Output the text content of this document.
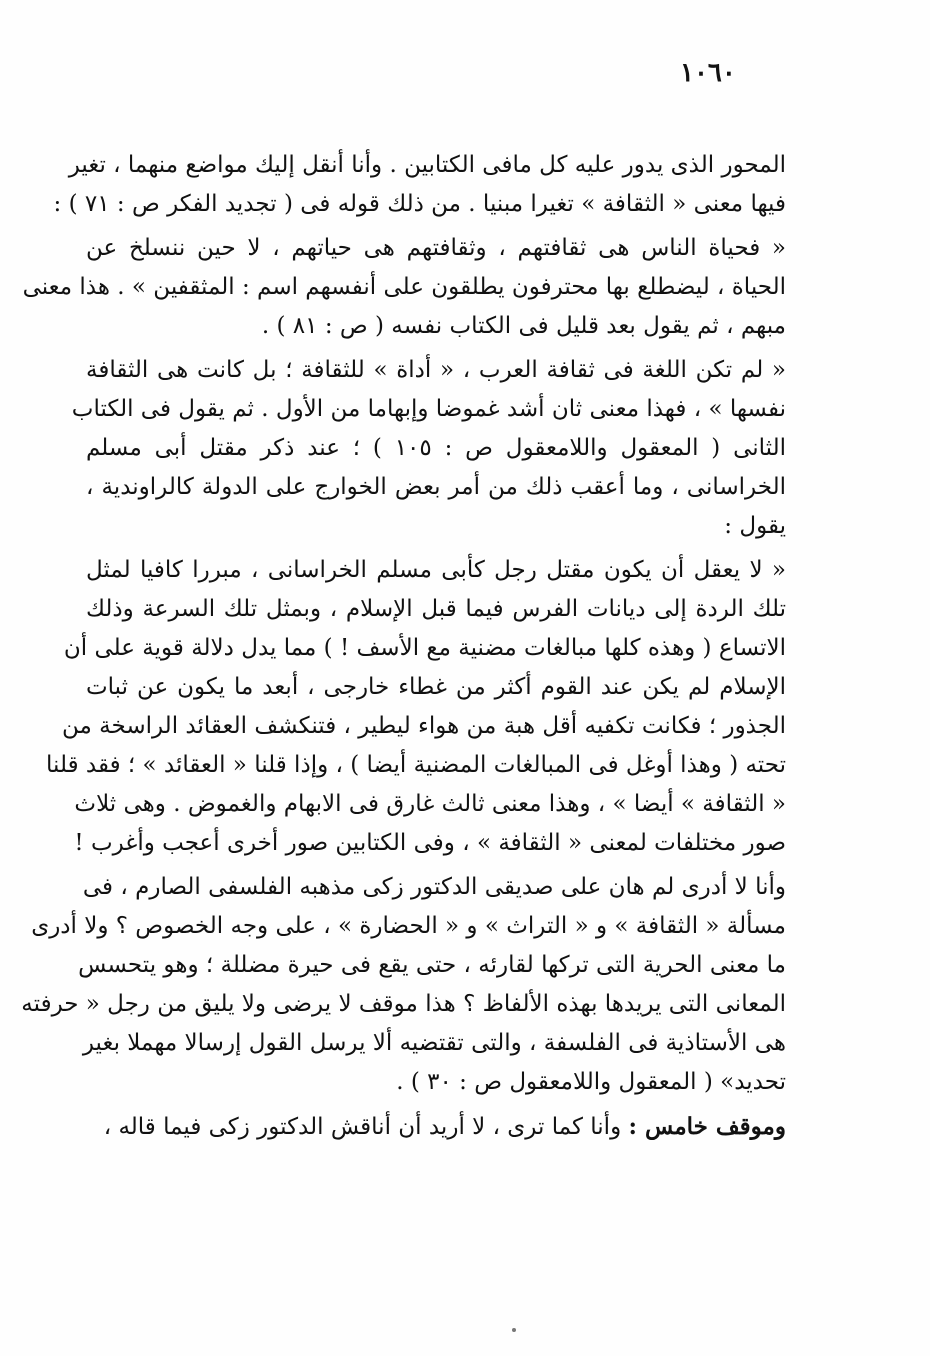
١٠٦٠
المحور الذى يدور عليه كل مافى الكتابين . وأنا أنقل إليك مواضع منهما ، تغير
فيها معنى « الثقافة » تغيرا مبنيا . من ذلك قوله فى ( تجديد الفكر ص : ٧١ ) :
« فحياة الناس هى ثقافتهم ، وثقافتهم هى حياتهم ، لا حين ننسلخ عن
الحياة ، ليضطلع بها محترفون يطلقون على أنفسهم اسم : المثقفين » . هذا معنى
مبهم ، ثم يقول بعد قليل فى الكتاب نفسه ( ص : ٨١ ) .
« لم تكن اللغة فى ثقافة العرب ، « أداة » للثقافة ؛ بل كانت هى الثقافة
نفسها » ، فهذا معنى ثان أشد غموضا وإبهاما من الأول . ثم يقول فى الكتاب
الثانى ( المعقول واللامعقول ص : ١٠٥ ) ؛ عند ذكر مقتل أبى مسلم
الخراسانى ، وما أعقب ذلك من أمر بعض الخوارج على الدولة كالراوندية ،
يقول :
« لا يعقل أن يكون مقتل رجل كأبى مسلم الخراسانى ، مبررا كافيا لمثل
تلك الردة إلى ديانات الفرس فيما قبل الإسلام ، وبمثل تلك السرعة وذلك
الاتساع ( وهذه كلها مبالغات مضنية مع الأسف ! ) مما يدل دلالة قوية على أن
الإسلام لم يكن عند القوم أكثر من غطاء خارجى ، أبعد ما يكون عن ثبات
الجذور ؛ فكانت تكفيه أقل هبة من هواء ليطير ، فتنكشف العقائد الراسخة من
تحته ( وهذا أوغل فى المبالغات المضنية أيضا ) ، وإذا قلنا « العقائد » ؛ فقد قلنا
« الثقافة » أيضا » ، وهذا معنى ثالث غارق فى الابهام والغموض . وهى ثلاث
صور مختلفات لمعنى « الثقافة » ، وفى الكتابين صور أخرى أعجب وأغرب !
وأنا لا أدرى لم هان على صديقى الدكتور زكى مذهبه الفلسفى الصارم ، فى
مسألة « الثقافة » و « التراث » و « الحضارة » ، على وجه الخصوص ؟ ولا أدرى
ما معنى الحرية التى تركها لقارئه ، حتى يقع فى حيرة مضللة ؛ وهو يتحسس
المعانى التى يريدها بهذه الألفاظ ؟ هذا موقف لا يرضى ولا يليق من رجل « حرفته
هى الأستاذية فى الفلسفة ، والتى تقتضيه ألا يرسل القول إرسالا مهملا بغير
تحديد» ( المعقول واللامعقول ص : ٣٠ ) .
وموقف خامس : وأنا كما ترى ، لا أريد أن أناقش الدكتور زكى فيما قاله ،
